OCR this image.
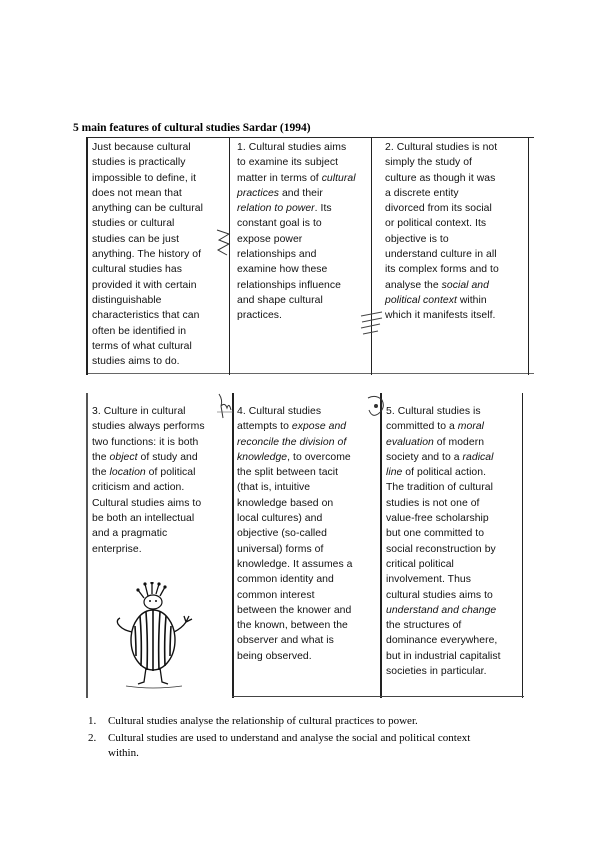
5 main features of cultural studies Sardar (1994)
Just because cultural
studies is practically
impossible to define, it
does not mean that
anything can be cultural
studies or cultural
studies can be just
anything. The history of
cultural studies has
provided it with certain
distinguishable
characteristics that can
often be identified in
terms of what cultural
studies aims to do.
1. Cultural studies aims
to examine its subject
matter in terms of cultural
practices and their
relation to power. Its
constant goal is to
expose power
relationships and
examine how these
relationships influence
and shape cultural
practices.
2. Cultural studies is not
simply the study of
culture as though it was
a discrete entity
divorced from its social
or political context. Its
objective is to
understand culture in all
its complex forms and to
analyse the social and
political context within
which it manifests itself.
3. Culture in cultural
studies always performs
two functions: it is both
the object of study and
the location of political
criticism and action.
Cultural studies aims to
be both an intellectual
and a pragmatic
enterprise.
4. Cultural studies
attempts to expose and
reconcile the division of
knowledge, to overcome
the split between tacit
(that is, intuitive
knowledge based on
local cultures) and
objective (so-called
universal) forms of
knowledge. It assumes a
common identity and
common interest
between the knower and
the known, between the
observer and what is
being observed.
5. Cultural studies is
committed to a moral
evaluation of modern
society and to a radical
line of political action.
The tradition of cultural
studies is not one of
value-free scholarship
but one committed to
social reconstruction by
critical political
involvement. Thus
cultural studies aims to
understand and change
the structures of
dominance everywhere,
but in industrial capitalist
societies in particular.
1. Cultural studies analyse the relationship of cultural practices to power.
2. Cultural studies are used to understand and analyse the social and political context
within.
